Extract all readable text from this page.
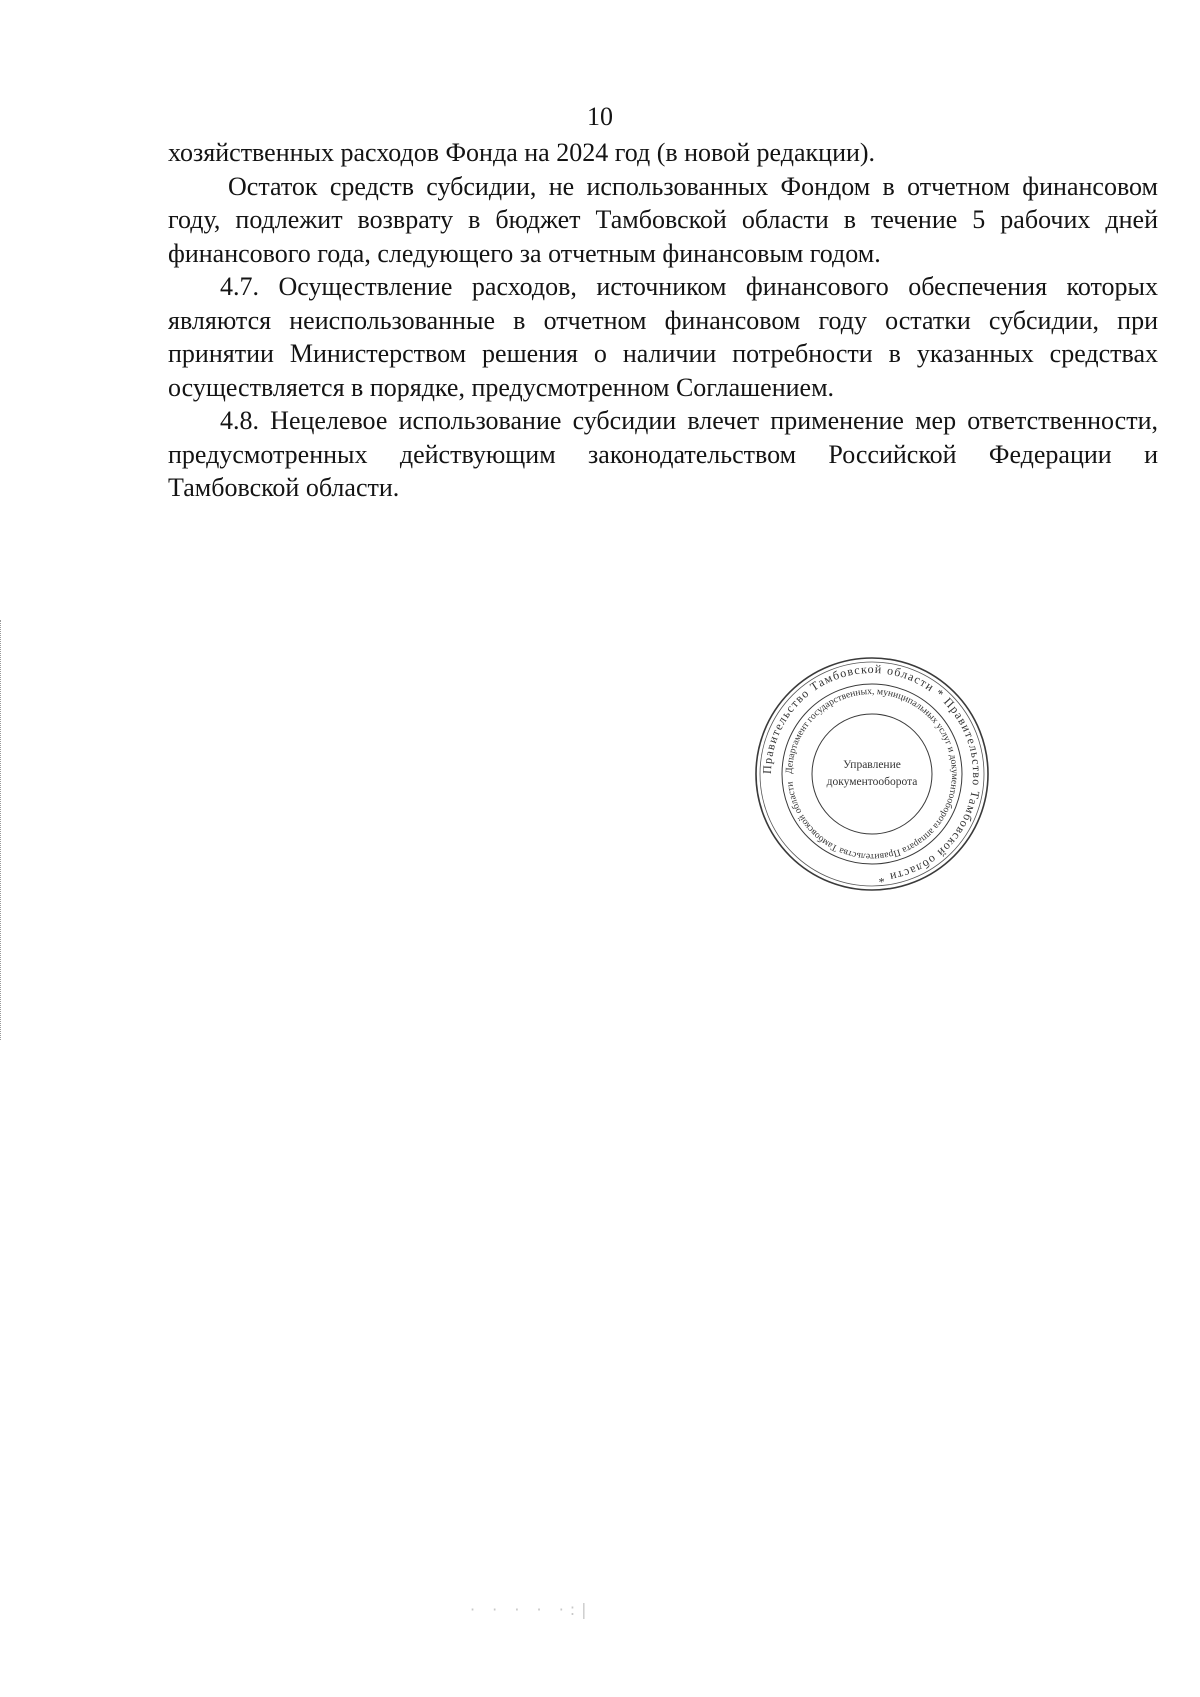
10

хозяйственных расходов Фонда на 2024 год (в новой редакции).

Остаток средств субсидии, не использованных Фондом в отчетном финансовом году, подлежит возврату в бюджет Тамбовской области в течение 5 рабочих дней финансового года, следующего за отчетным финансовым годом.

4.7. Осуществление расходов, источником финансового обеспечения которых являются неиспользованные в отчетном финансовом году остатки субсидии, при принятии Министерством решения о наличии потребности в указанных средствах осуществляется в порядке, предусмотренном Соглашением.

4.8. Нецелевое использование субсидии влечет применение мер ответственности, предусмотренных действующим законодательством Российской Федерации и Тамбовской области.

Правительство Тамбовской области * Правительство Тамбовской области *
Департамент государственных, муниципальных услуг и документооборота аппарата Правительства Тамбовской области
Управление
документооборота
· · · · ·:|
